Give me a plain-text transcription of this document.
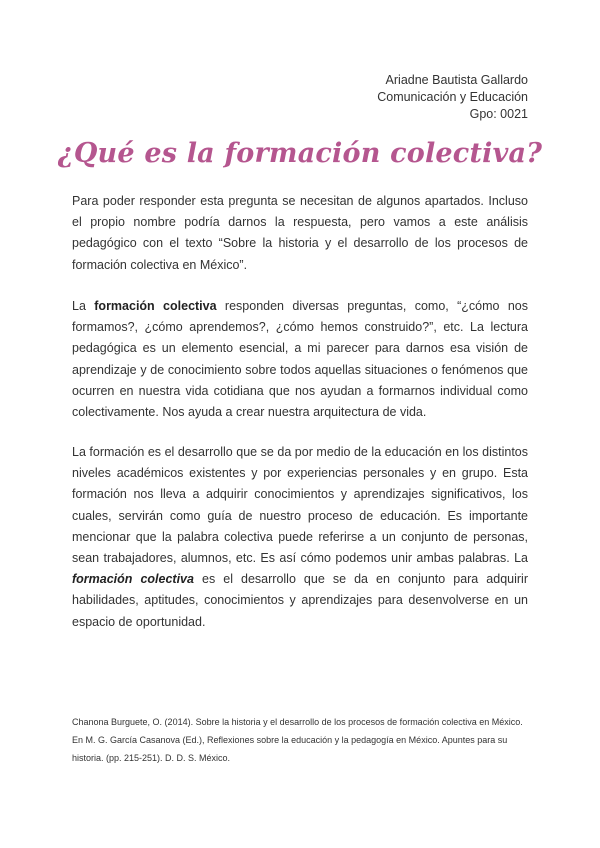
Ariadne Bautista Gallardo
Comunicación y Educación
Gpo: 0021
¿Qué es la formación colectiva?
Para poder responder esta pregunta se necesitan de algunos apartados. Incluso el propio nombre podría darnos la respuesta, pero vamos a este análisis pedagógico con el texto “Sobre la historia y el desarrollo de los procesos de formación colectiva en México”.
La formación colectiva responden diversas preguntas, como, “¿cómo nos formamos?, ¿cómo aprendemos?, ¿cómo hemos construido?”, etc. La lectura pedagógica es un elemento esencial, a mi parecer para darnos esa visión de aprendizaje y de conocimiento sobre todos aquellas situaciones o fenómenos que ocurren en nuestra vida cotidiana que nos ayudan a formarnos individual como colectivamente. Nos ayuda a crear nuestra arquitectura de vida.
La formación es el desarrollo que se da por medio de la educación en los distintos niveles académicos existentes y por experiencias personales y en grupo. Esta formación nos lleva a adquirir conocimientos y aprendizajes significativos, los cuales, servirán como guía de nuestro proceso de educación. Es importante mencionar que la palabra colectiva puede referirse a un conjunto de personas, sean trabajadores, alumnos, etc. Es así cómo podemos unir ambas palabras. La formación colectiva es el desarrollo que se da en conjunto para adquirir habilidades, aptitudes, conocimientos y aprendizajes para desenvolverse en un espacio de oportunidad.
Chanona Burguete, O. (2014). Sobre la historia y el desarrollo de los procesos de formación colectiva en México. En M. G. García Casanova (Ed.), Reflexiones sobre la educación y la pedagogía en México. Apuntes para su historia. (pp. 215-251). D. D. S. México.
